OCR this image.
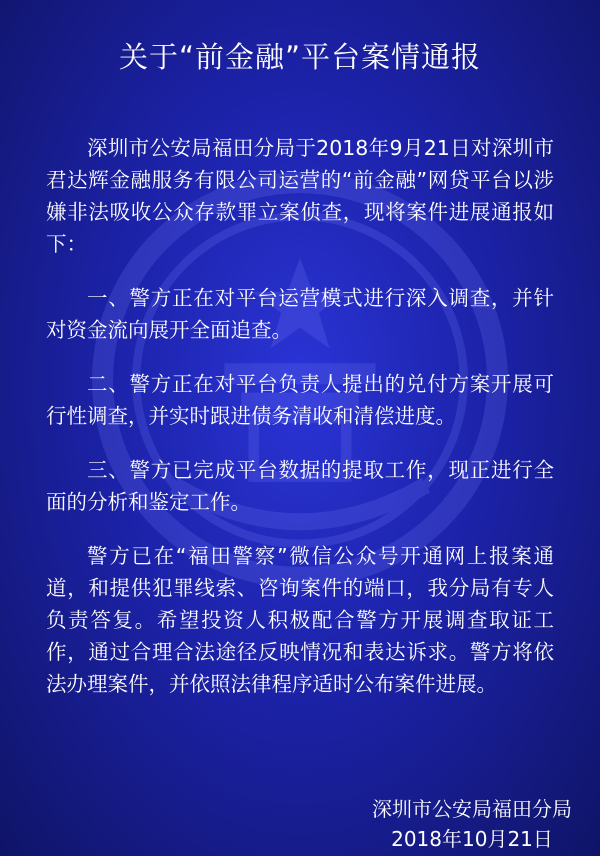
关于“前金融”平台案情通报

深圳市公安局福田分局于2018年9月21日对深圳市君达辉金融服务有限公司运营的“前金融”网贷平台以涉嫌非法吸收公众存款罪立案侦查，现将案件进展通报如下：

一、警方正在对平台运营模式进行深入调查，并针对资金流向展开全面追查。

二、警方正在对平台负责人提出的兑付方案开展可行性调查，并实时跟进债务清收和清偿进度。

三、警方已完成平台数据的提取工作，现正进行全面的分析和鉴定工作。

警方已在“福田警察”微信公众号开通网上报案通道，和提供犯罪线索、咨询案件的端口，我分局有专人负责答复。希望投资人积极配合警方开展调查取证工作，通过合理合法途径反映情况和表达诉求。警方将依法办理案件，并依照法律程序适时公布案件进展。

深圳市公安局福田分局
2018年10月21日
